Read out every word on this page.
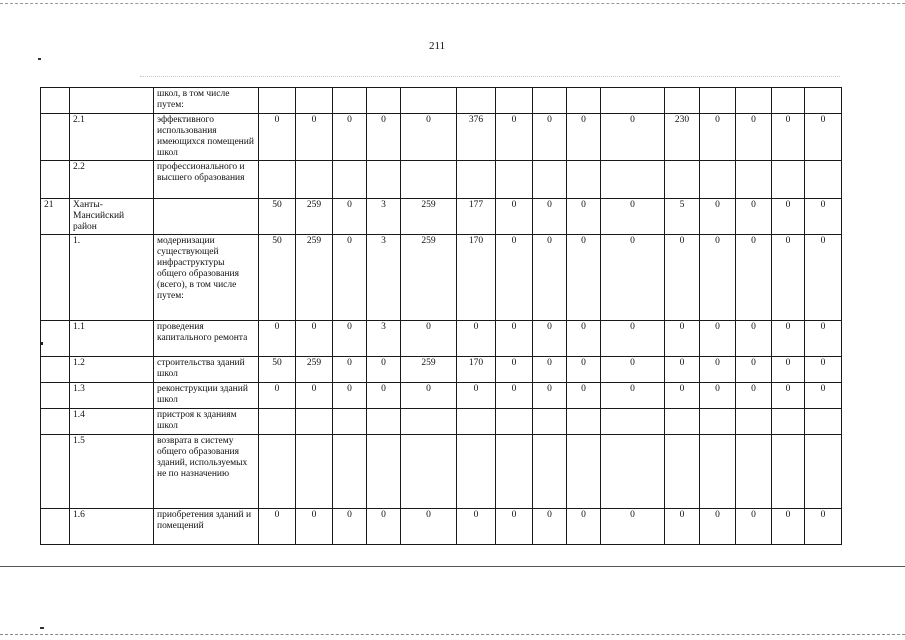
211
		школ, в том числе путем:															
	2.1	эффективного использования имеющихся помещений школ	0	0	0	0	0	376	0	0	0	0	230	0	0	0	0
	2.2	профессионального и высшего образования															
21	Ханты-Мансийский район		50	259	0	3	259	177	0	0	0	0	5	0	0	0	0
	1.	модернизации существующей инфраструктуры общего образования (всего), в том числе путем:	50	259	0	3	259	170	0	0	0	0	0	0	0	0	0
	1.1	проведения капитального ремонта	0	0	0	3	0	0	0	0	0	0	0	0	0	0	0
	1.2	строительства зданий школ	50	259	0	0	259	170	0	0	0	0	0	0	0	0	0
	1.3	реконструкции зданий школ	0	0	0	0	0	0	0	0	0	0	0	0	0	0	0
	1.4	пристроя к зданиям школ															
	1.5	возврата в систему общего образования зданий, используемых не по назначению															
	1.6	приобретения зданий и помещений	0	0	0	0	0	0	0	0	0	0	0	0	0	0	0
